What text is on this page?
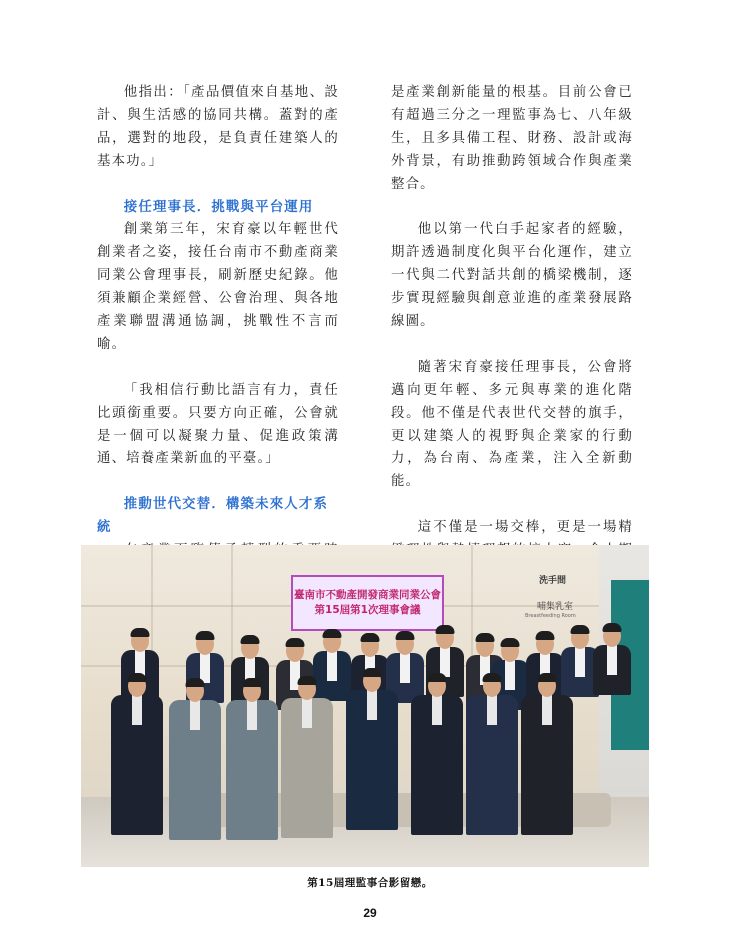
他指出：「產品價值來自基地、設計、與生活感的協同共構。蓋對的產品，選對的地段，是負責任建築人的基本功。」

接任理事長．挑戰與平台運用

創業第三年，宋育豪以年輕世代創業者之姿，接任台南市不動產商業同業公會理事長，刷新歷史紀錄。他須兼顧企業經營、公會治理、與各地產業聯盟溝通協調，挑戰性不言而喻。

「我相信行動比語言有力，責任比頭銜重要。只要方向正確，公會就是一個可以凝聚力量、促進政策溝通、培養產業新血的平臺。」

推動世代交替．構築未來人才系統

是產業創新能量的根基。目前公會已有超過三分之一理監事為七、八年級生，且多具備工程、財務、設計或海外背景，有助推動跨領域合作與產業整合。

他以第一代白手起家者的經驗，期許透過制度化與平台化運作，建立一代與二代對話共創的橋梁機制，逐步實現經驗與創意並進的產業發展路線圖。

隨著宋育豪接任理事長，公會將邁向更年輕、多元與專業的進化階段。他不僅是代表世代交替的旗手，更以建築人的視野與企業家的行動力，為台南、為產業，注入全新動能。

這不僅是一場交棒，更是一場精

臺南市不動產開發商業同業公會
第15屆第1次理事會議
洗手間
哺集乳室
Breastfeeding Room
第15屆理監事合影留戀。
29
